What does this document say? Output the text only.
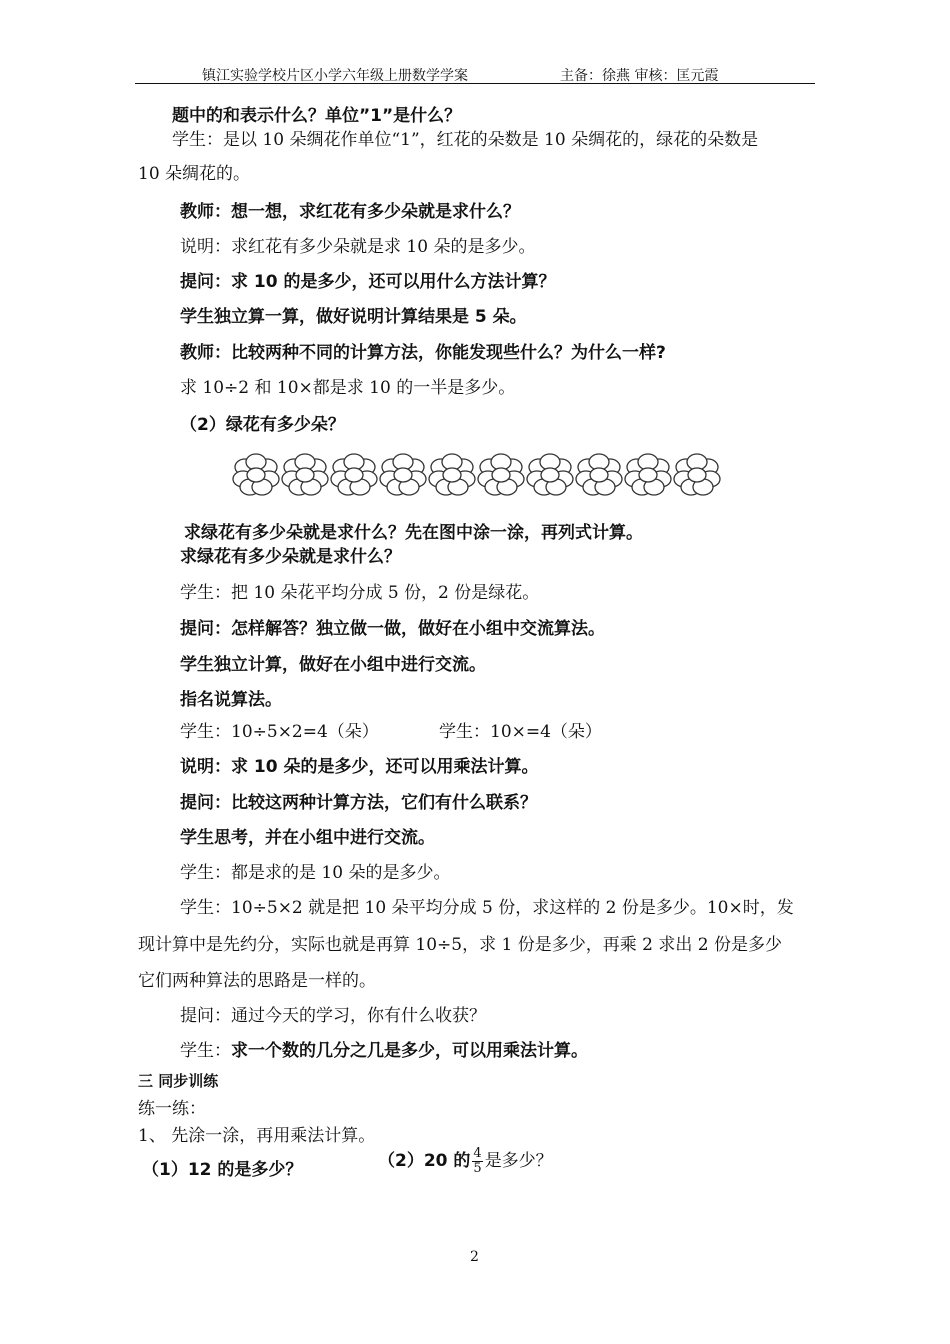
镇江实验学校片区小学六年级上册数学学案	主备：徐燕 审核：匡元霞
题中的和表示什么？单位”1”是什么？
学生：是以 10 朵绸花作单位“1”，红花的朵数是 10 朵绸花的，绿花的朵数是
10 朵绸花的。
教师：想一想，求红花有多少朵就是求什么？
说明：求红花有多少朵就是求 10 朵的是多少。
提问：求 10 的是多少，还可以用什么方法计算？
学生独立算一算，做好说明计算结果是 5 朵。
教师：比较两种不同的计算方法，你能发现些什么？为什么一样?
求 10÷2 和 10×都是求 10 的一半是多少。
（2）绿花有多少朵？
求绿花有多少朵就是求什么？先在图中涂一涂，再列式计算。
求绿花有多少朵就是求什么？
学生：把 10 朵花平均分成 5 份，2 份是绿花。
提问：怎样解答？独立做一做，做好在小组中交流算法。
学生独立计算，做好在小组中进行交流。
指名说算法。
学生：10÷5×2=4（朵）	学生：10×=4（朵）
说明：求 10 朵的是多少，还可以用乘法计算。
提问：比较这两种计算方法，它们有什么联系？
学生思考，并在小组中进行交流。
学生：都是求的是 10 朵的是多少。
学生：10÷5×2 就是把 10 朵平均分成 5 份，求这样的 2 份是多少。10×时，发
现计算中是先约分，实际也就是再算 10÷5，求 1 份是多少，再乘 2 求出 2 份是多少
它们两种算法的思路是一样的。
提问：通过今天的学习，你有什么收获？
学生：求一个数的几分之几是多少，可以用乘法计算。
三 同步训练
练一练：
1、 先涂一涂，再用乘法计算。
（1）12 的是多少？	（2）20 的 $\frac{4}{5}$ 是多少？
2
